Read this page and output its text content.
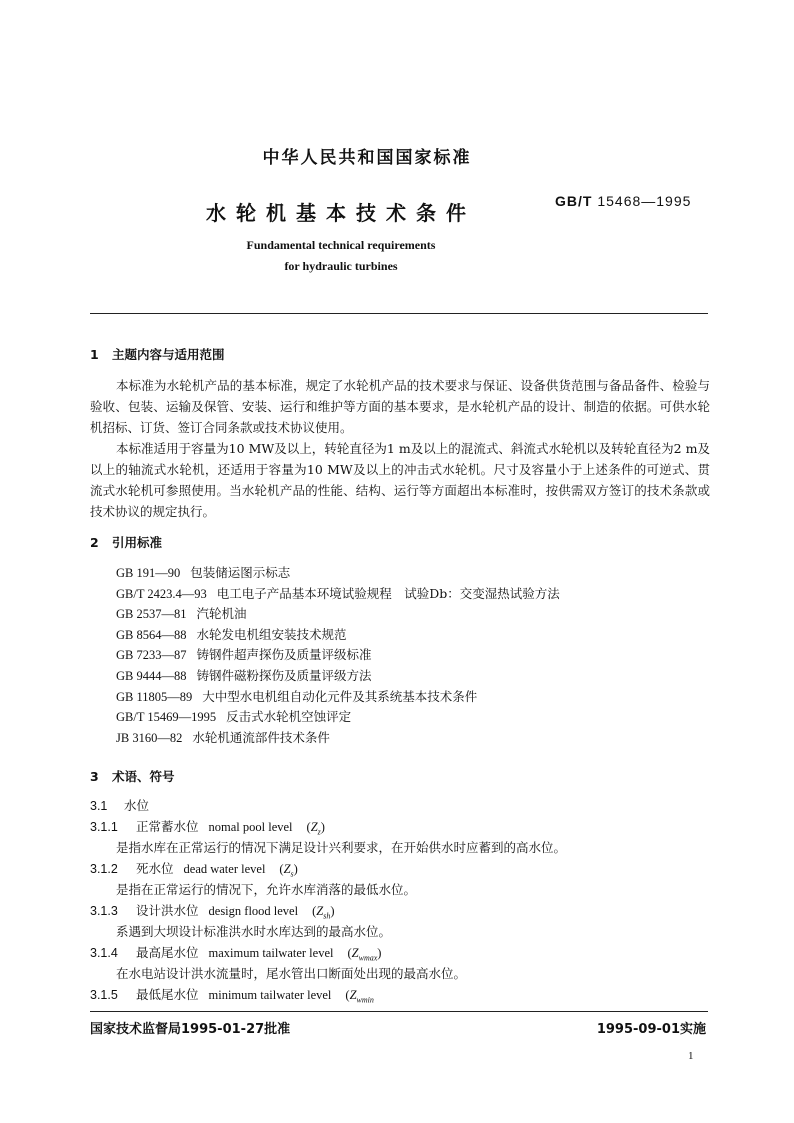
中华人民共和国国家标准
水轮机基本技术条件	GB/T 15468—1995
Fundamental technical requirements
for hydraulic turbines
1 主题内容与适用范围
本标准为水轮机产品的基本标准，规定了水轮机产品的技术要求与保证、设备供货范围与备品备件、检验与验收、包装、运输及保管、安装、运行和维护等方面的基本要求，是水轮机产品的设计、制造的依据。可供水轮机招标、订货、签订合同条款或技术协议使用。
本标准适用于容量为10 MW及以上，转轮直径为1 m及以上的混流式、斜流式水轮机以及转轮直径为2 m及以上的轴流式水轮机，还适用于容量为10 MW及以上的冲击式水轮机。尺寸及容量小于上述条件的可逆式、贯流式水轮机可参照使用。当水轮机产品的性能、结构、运行等方面超出本标准时，按供需双方签订的技术条款或技术协议的规定执行。
2 引用标准
GB 191—90 包装储运图示标志
GB/T 2423.4—93 电工电子产品基本环境试验规程　试验Db：交变湿热试验方法
GB 2537—81 汽轮机油
GB 8564—88 水轮发电机组安装技术规范
GB 7233—87 铸钢件超声探伤及质量评级标准
GB 9444—88 铸钢件磁粉探伤及质量评级方法
GB 11805—89 大中型水电机组自动化元件及其系统基本技术条件
GB/T 15469—1995 反击式水轮机空蚀评定
JB 3160—82 水轮机通流部件技术条件
3 术语、符号
3.1 水位
3.1.1 正常蓄水位 nomal pool level $(Z_z)$
是指水库在正常运行的情况下满足设计兴利要求，在开始供水时应蓄到的高水位。
3.1.2 死水位 dead water level $(Z_s)$
是指在正常运行的情况下，允许水库消落的最低水位。
3.1.3 设计洪水位 design flood level $(Z_{sh})$
系遇到大坝设计标准洪水时水库达到的最高水位。
3.1.4 最高尾水位 maximum tailwater level $(Z_{wmax})$
在水电站设计洪水流量时，尾水管出口断面处出现的最高水位。
3.1.5 最低尾水位 minimum tailwater level ($Z_{wmin}$
国家技术监督局1995-01-27批准	1995-09-01实施
1
